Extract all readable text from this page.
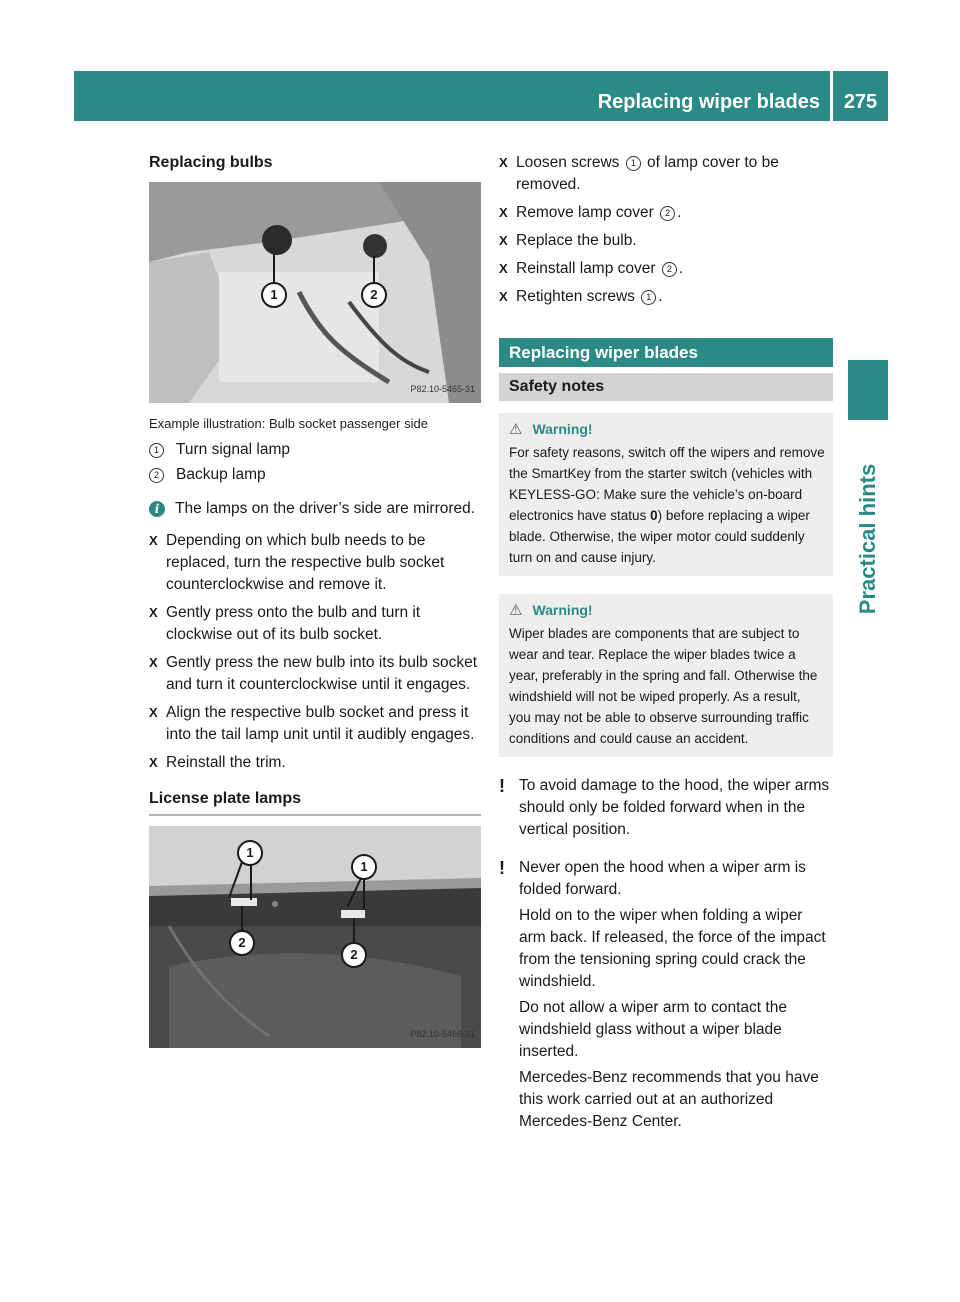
Replacing wiper blades	275
Practical hints
Replacing bulbs
1	2
P82.10-5465-31
Example illustration: Bulb socket passenger side
1	Turn signal lamp
2	Backup lamp
i	The lamps on the driver’s side are mirrored.
X Depending on which bulb needs to be replaced, turn the respective bulb socket counterclockwise and remove it.
X Gently press onto the bulb and turn it clockwise out of its bulb socket.
X Gently press the new bulb into its bulb socket and turn it counterclockwise until it engages.
X Align the respective bulb socket and press it into the tail lamp unit until it audibly engages.
X Reinstall the trim.
License plate lamps
1
1
2
2
P82.10-5466-31
X Loosen screws 1 of lamp cover to be removed.
X Remove lamp cover 2 .
X Replace the bulb.
X Reinstall lamp cover 2 .
X Retighten screws 1 .
Replacing wiper blades
Safety notes
⚠ Warning!
For safety reasons, switch off the wipers and remove the SmartKey from the starter switch (vehicles with KEYLESS-GO: Make sure the vehicle’s on-board electronics have status 0) before replacing a wiper blade. Otherwise, the wiper motor could suddenly turn on and cause injury.
⚠ Warning!
Wiper blades are components that are subject to wear and tear. Replace the wiper blades twice a year, preferably in the spring and fall. Otherwise the windshield will not be wiped properly. As a result, you may not be able to observe surrounding traffic conditions and could cause an accident.
! To avoid damage to the hood, the wiper arms should only be folded forward when in the vertical position.
! Never open the hood when a wiper arm is folded forward.

Hold on to the wiper when folding a wiper arm back. If released, the force of the impact from the tensioning spring could crack the windshield.

Do not allow a wiper arm to contact the windshield glass without a wiper blade inserted.

Mercedes-Benz recommends that you have this work carried out at an authorized Mercedes-Benz Center.
